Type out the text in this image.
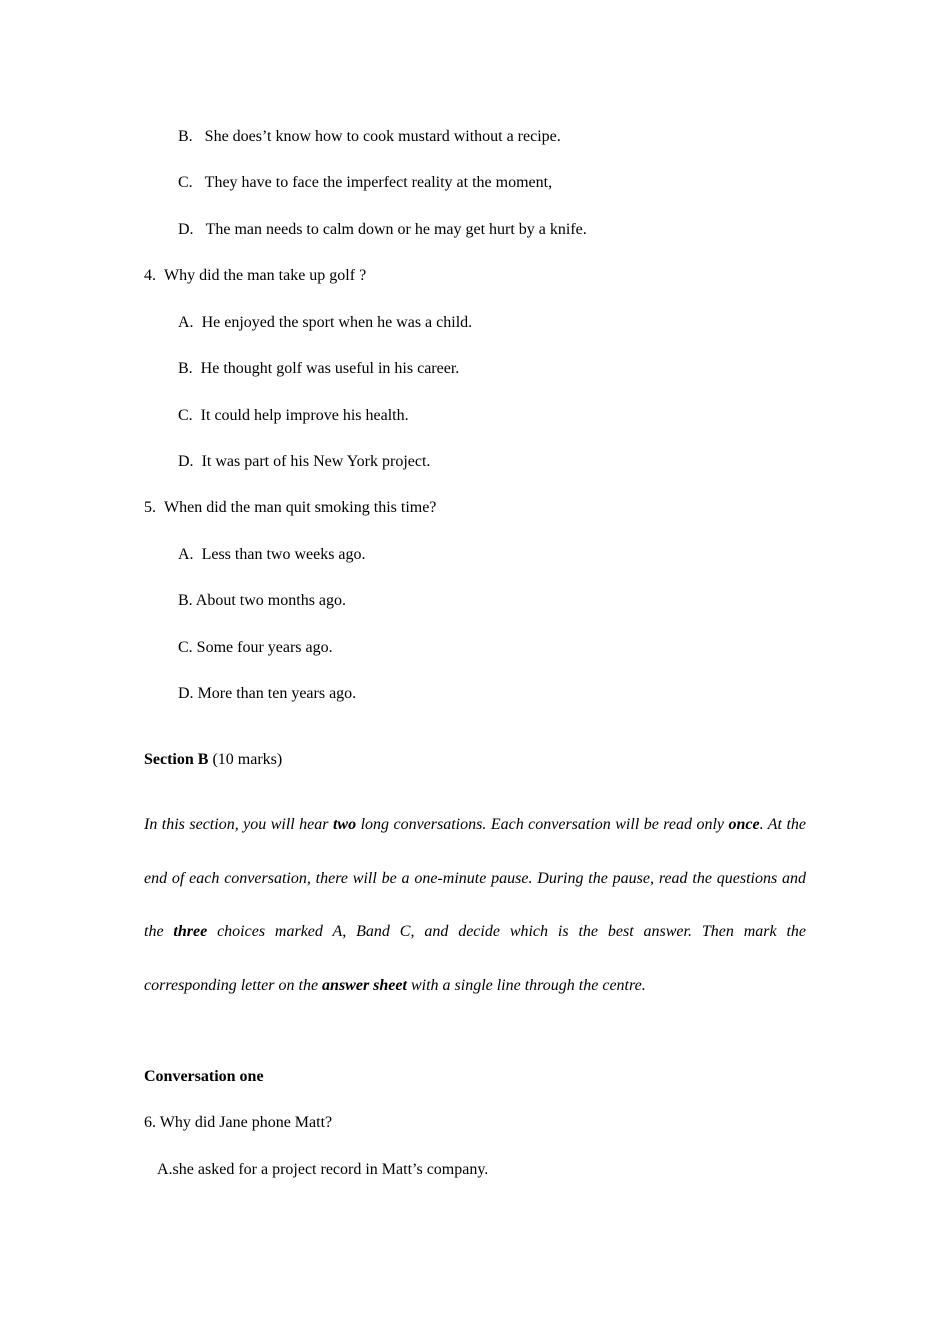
B. She does’t know how to cook mustard without a recipe.
C. They have to face the imperfect reality at the moment,
D. The man needs to calm down or he may get hurt by a knife.
4. Why did the man take up golf ?
A. He enjoyed the sport when he was a child.
B. He thought golf was useful in his career.
C. It could help improve his health.
D. It was part of his New York project.
5. When did the man quit smoking this time?
A. Less than two weeks ago.
B. About two months ago.
C. Some four years ago.
D. More than ten years ago.
Section B (10 marks)
In this section, you will hear two long conversations. Each conversation will be read only once. At the end of each conversation, there will be a one-minute pause. During the pause, read the questions and the three choices marked A, Band C, and decide which is the best answer. Then mark the corresponding letter on the answer sheet with a single line through the centre.
Conversation one
6. Why did Jane phone Matt?
A.she asked for a project record in Matt’s company.
